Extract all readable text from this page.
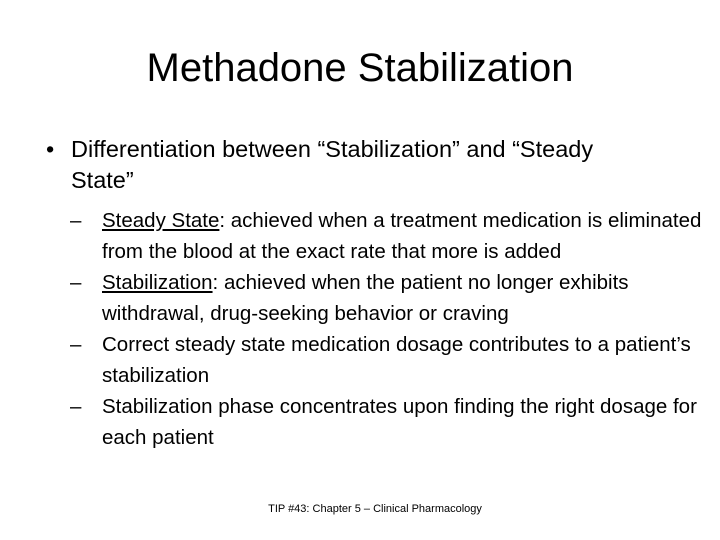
Methadone Stabilization
• Differentiation between “Stabilization” and “Steady State”
– Steady State: achieved when a treatment medication is eliminated from the blood at the exact rate that more is added
– Stabilization: achieved when the patient no longer exhibits withdrawal, drug-seeking behavior or craving
– Correct steady state medication dosage contributes to a patient’s stabilization
– Stabilization phase concentrates upon finding the right dosage for each patient
TIP #43: Chapter 5 – Clinical Pharmacology
